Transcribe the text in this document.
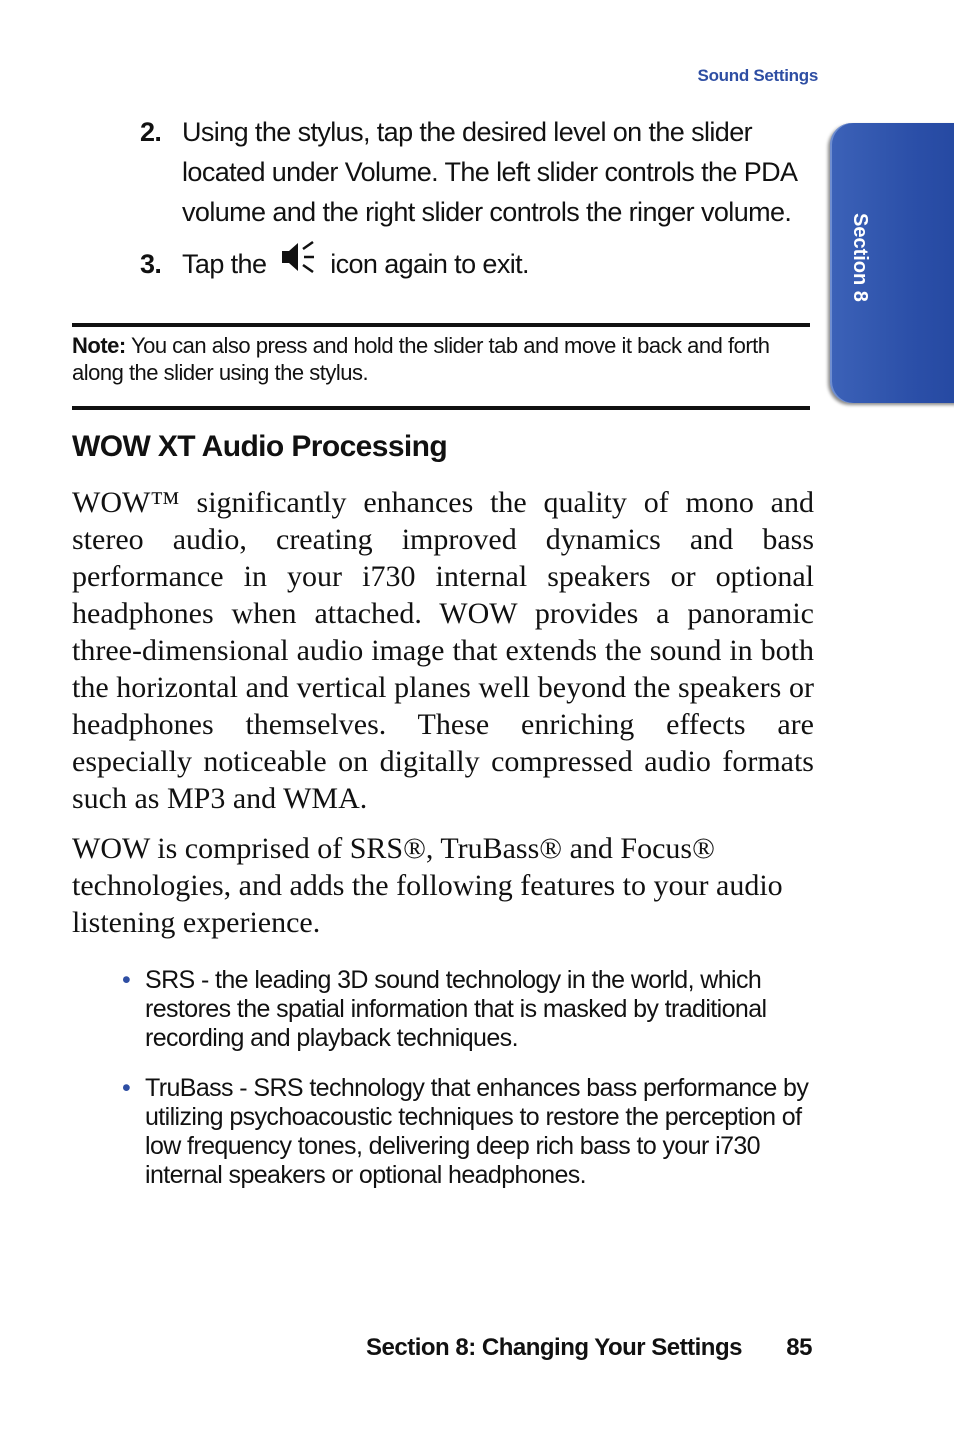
Sound Settings
Section 8
2. Using the stylus, tap the desired level on the slider located under Volume. The left slider controls the PDA volume and the right slider controls the ringer volume.
3. Tap the icon again to exit.
Note: You can also press and hold the slider tab and move it back and forth along the slider using the stylus.
WOW XT Audio Processing
WOW™ significantly enhances the quality of mono and stereo audio, creating improved dynamics and bass performance in your i730 internal speakers or optional headphones when attached. WOW provides a panoramic three-dimensional audio image that extends the sound in both the horizontal and vertical planes well beyond the speakers or headphones themselves. These enriching effects are especially noticeable on digitally compressed audio formats such as MP3 and WMA.
WOW is comprised of SRS®, TruBass® and Focus® technologies, and adds the following features to your audio listening experience.
• SRS - the leading 3D sound technology in the world, which restores the spatial information that is masked by traditional recording and playback techniques.
• TruBass - SRS technology that enhances bass performance by utilizing psychoacoustic techniques to restore the perception of low frequency tones, delivering deep rich bass to your i730 internal speakers or optional headphones.
Section 8: Changing Your Settings 85
